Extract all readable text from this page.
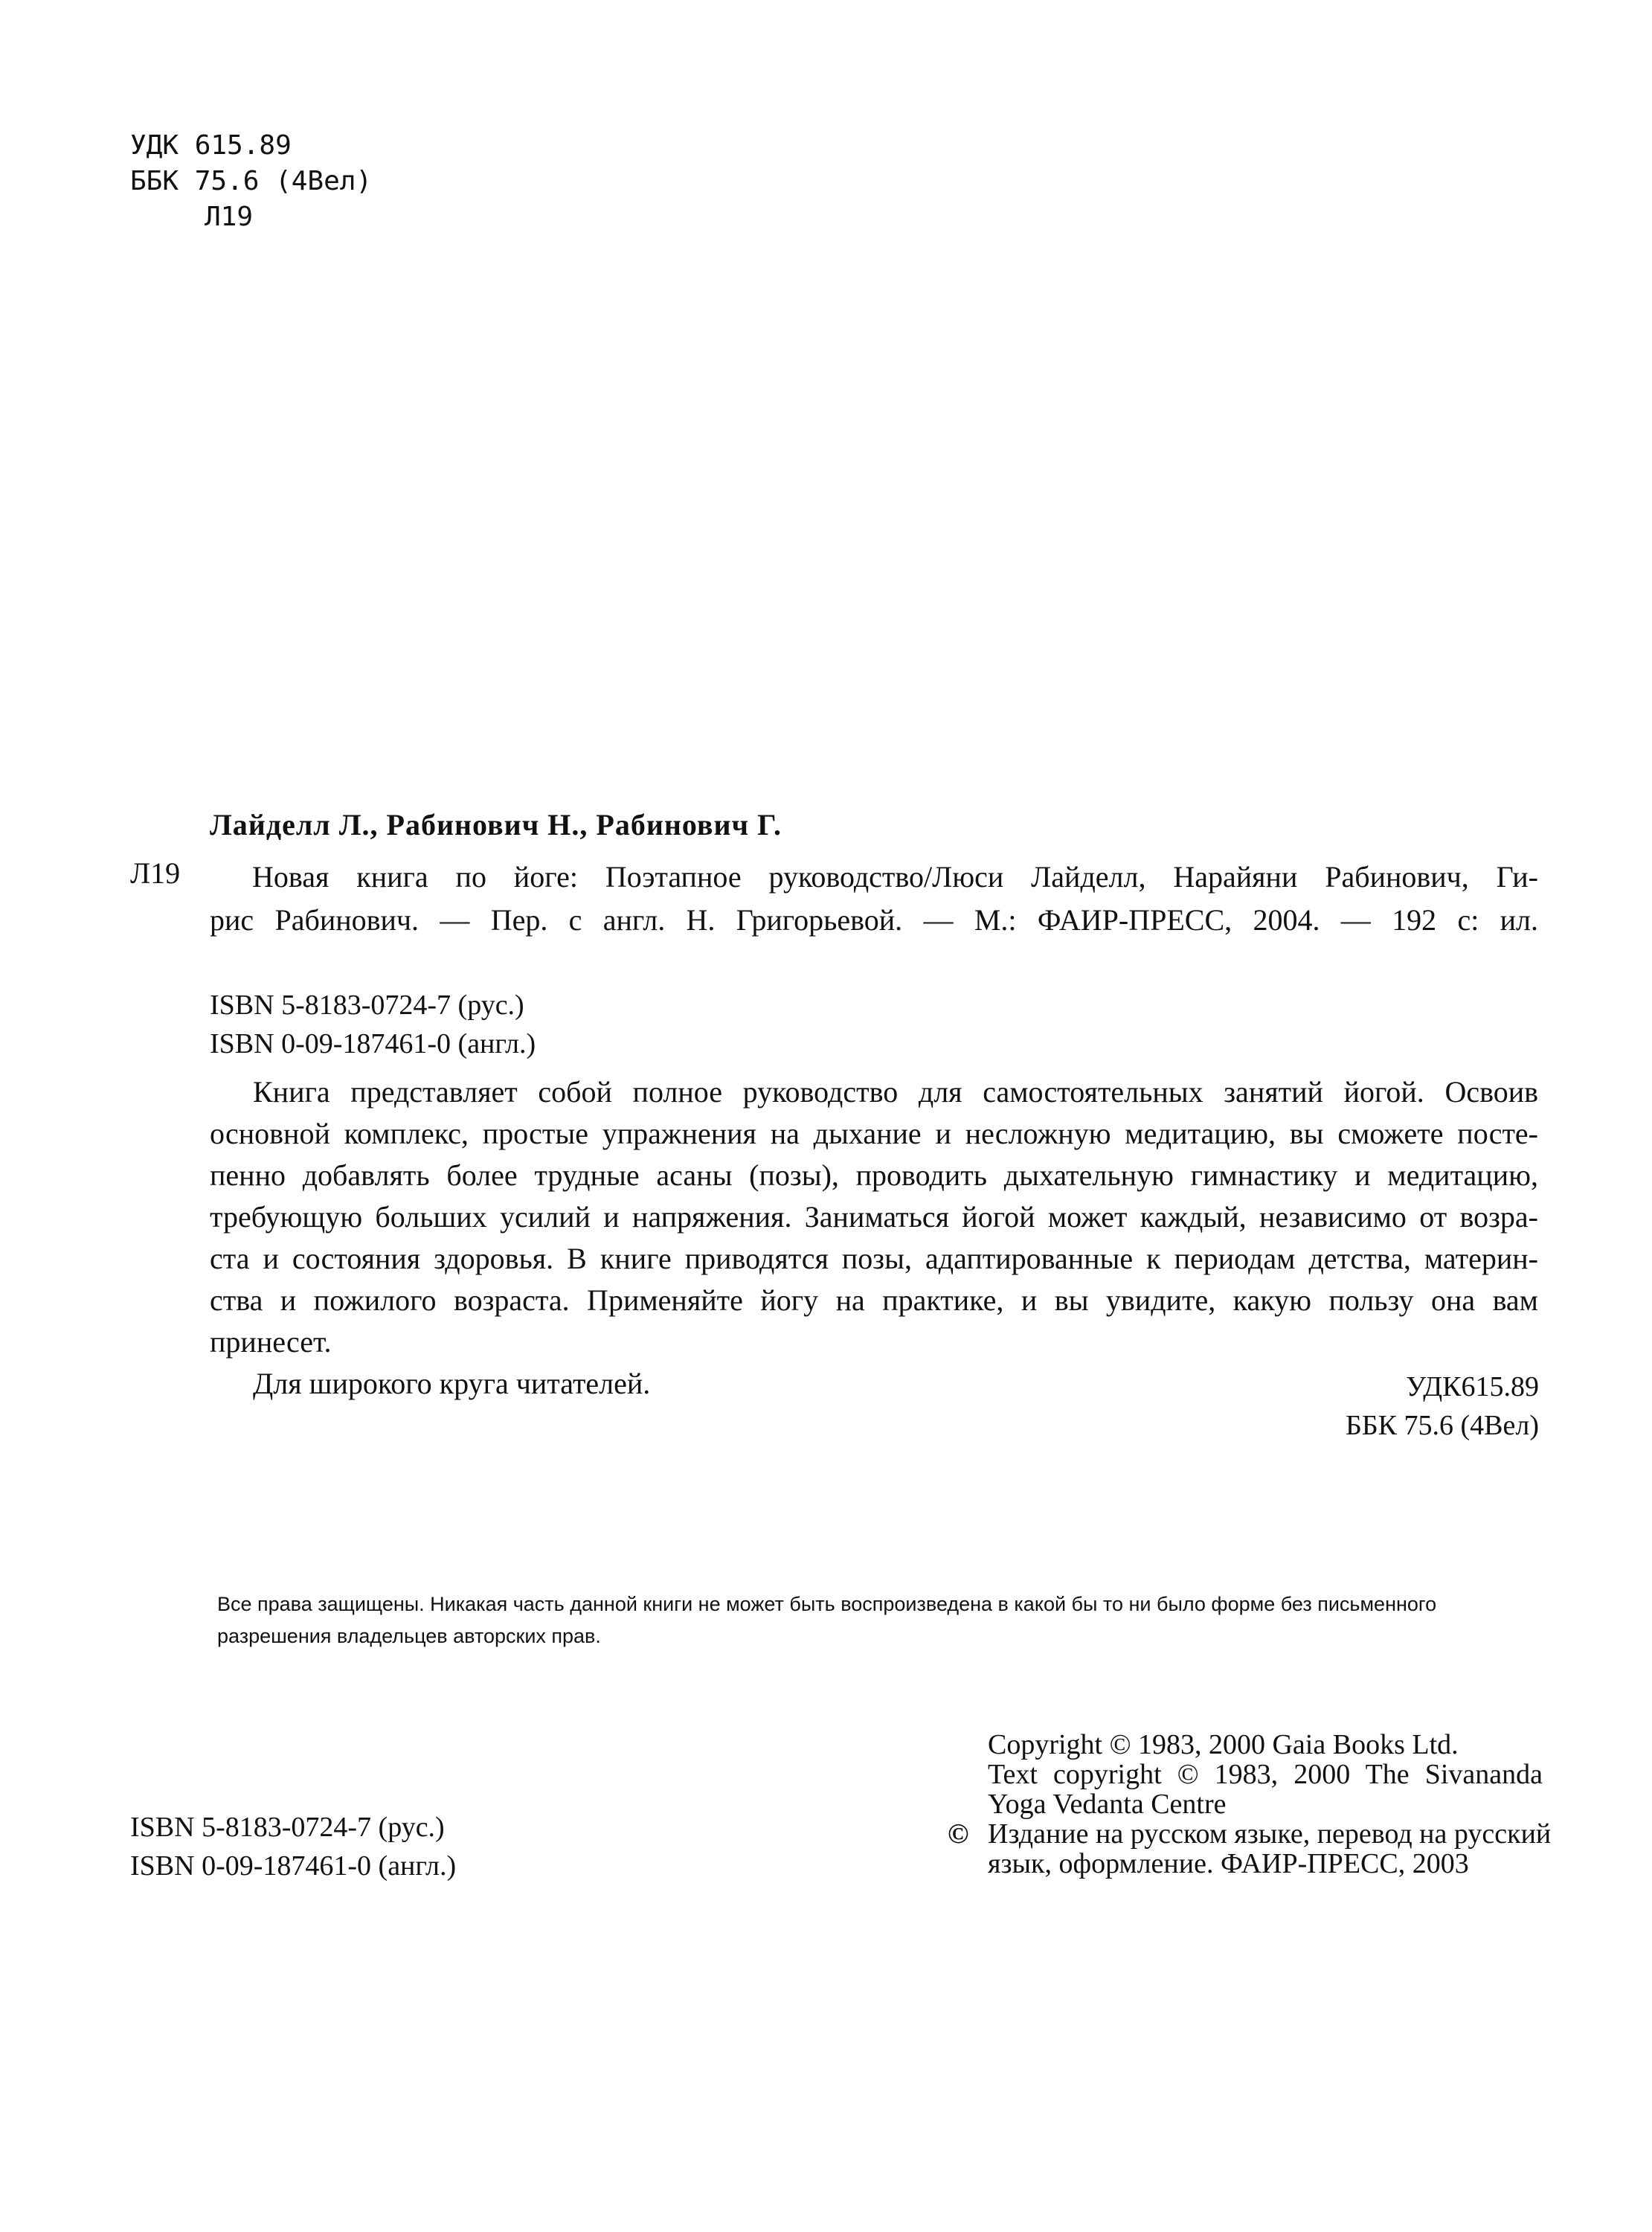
УДК 615.89
ББК 75.6 (4Вел)
Л19
Лайделл Л., Рабинович Н., Рабинович Г.
Л19	Новая книга по йоге: Поэтапное руководство/Люси Лайделл, Нарайяни Рабинович, Ги-
рис Рабинович. — Пер. с англ. Н. Григорьевой. — М.: ФАИР-ПРЕСС, 2004. — 192 с: ил.
ISBN 5-8183-0724-7 (рус.)
ISBN 0-09-187461-0 (англ.)
Книга представляет собой полное руководство для самостоятельных занятий йогой. Освоив
основной комплекс, простые упражнения на дыхание и несложную медитацию, вы сможете посте-
пенно добавлять более трудные асаны (позы), проводить дыхательную гимнастику и медитацию,
требующую больших усилий и напряжения. Заниматься йогой может каждый, независимо от возра-
ста и состояния здоровья. В книге приводятся позы, адаптированные к периодам детства, материн-
ства и пожилого возраста. Применяйте йогу на практике, и вы увидите, какую пользу она вам
принесет.
Для широкого круга читателей.	УДК615.89
ББК 75.6 (4Вел)
Все права защищены. Никакая часть данной книги не может быть воспроизведена в какой бы то ни было форме без письменного
разрешения владельцев авторских прав.
Copyright © 1983, 2000 Gaia Books Ltd.
Text copyright © 1983, 2000 The Sivananda
Yoga Vedanta Centre
© Издание на русском языке, перевод на русский
язык, оформление. ФАИР-ПРЕСС, 2003
ISBN 5-8183-0724-7 (рус.)
ISBN 0-09-187461-0 (англ.)
